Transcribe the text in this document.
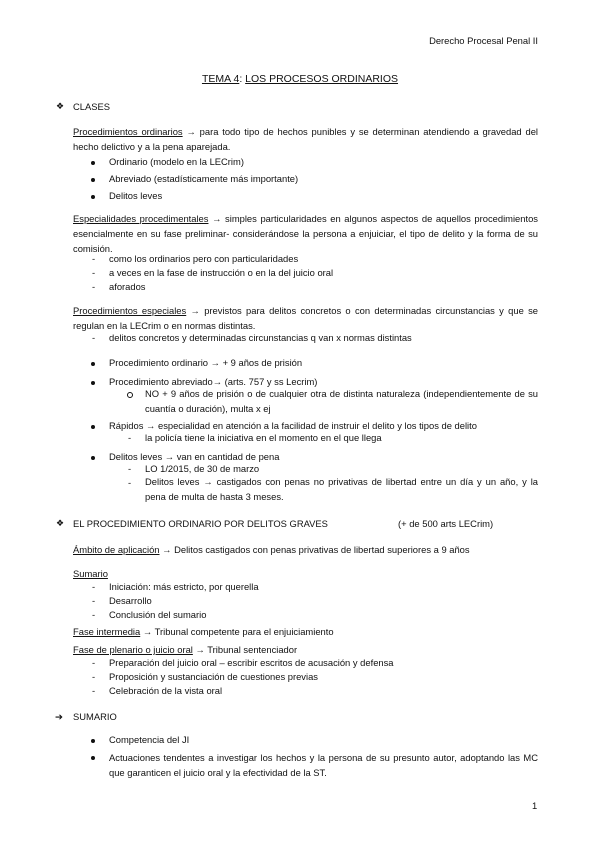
Derecho Procesal Penal II
TEMA 4: LOS PROCESOS ORDINARIOS
❖ CLASES
Procedimientos ordinarios → para todo tipo de hechos punibles y se determinan atendiendo a gravedad del hecho delictivo y a la pena aparejada.
Ordinario (modelo en la LECrim)
Abreviado (estadísticamente más importante)
Delitos leves
Especialidades procedimentales → simples particularidades en algunos aspectos de aquellos procedimientos esencialmente en su fase preliminar- considerándose la persona a enjuiciar, el tipo de delito y la forma de su comisión.
- como los ordinarios pero con particularidades
- a veces en la fase de instrucción o en la del juicio oral
- aforados
Procedimientos especiales → previstos para delitos concretos o con determinadas circunstancias y que se regulan en la LECrim o en normas distintas.
- delitos concretos y determinadas circunstancias q van x normas distintas
Procedimiento ordinario → + 9 años de prisión
Procedimiento abreviado→ (arts. 757 y ss Lecrim)
NO + 9 años de prisión o de cualquier otra de distinta naturaleza (independientemente de su cuantía o duración), multa x ej
Rápidos → especialidad en atención a la facilidad de instruir el delito y los tipos de delito
- la policía tiene la iniciativa en el momento en el que llega
Delitos leves → van en cantidad de pena
- LO 1/2015, de 30 de marzo
- Delitos leves → castigados con penas no privativas de libertad entre un día y un año, y la pena de multa de hasta 3 meses.
❖ EL PROCEDIMIENTO ORDINARIO POR DELITOS GRAVES	(+ de 500 arts LECrim)
Ámbito de aplicación → Delitos castigados con penas privativas de libertad superiores a 9 años
Sumario
- Iniciación: más estricto, por querella
- Desarrollo
- Conclusión del sumario
Fase intermedia → Tribunal competente para el enjuiciamiento
Fase de plenario o juicio oral → Tribunal sentenciador
- Preparación del juicio oral – escribir escritos de acusación y defensa
- Proposición y sustanciación de cuestiones previas
- Celebración de la vista oral
➔ SUMARIO
Competencia del JI
Actuaciones tendentes a investigar los hechos y la persona de su presunto autor, adoptando las MC que garanticen el juicio oral y la efectividad de la ST.
1
